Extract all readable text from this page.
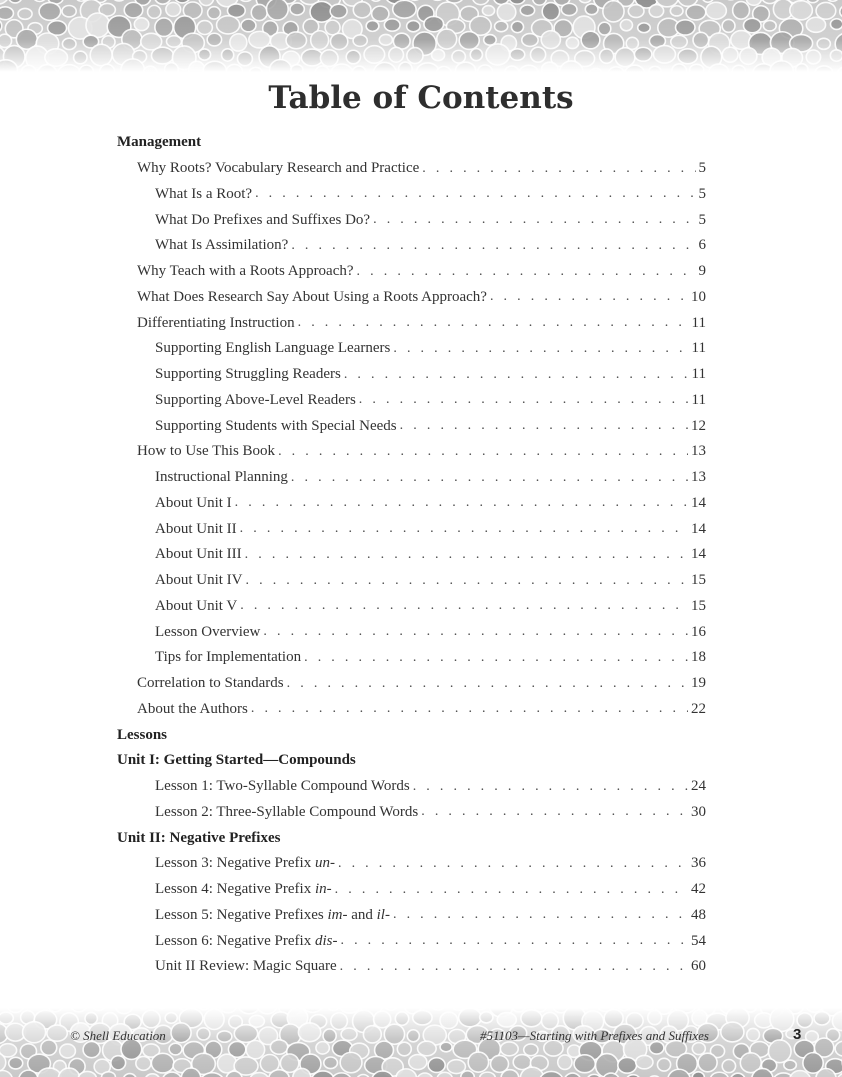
Table of Contents
Management
Why Roots? Vocabulary Research and Practice . . .	5
What Is a Root? . . .	5
What Do Prefixes and Suffixes Do? . . .	5
What Is Assimilation? . . .	6
Why Teach with a Roots Approach? . . .	9
What Does Research Say About Using a Roots Approach? . . .	10
Differentiating Instruction . . .	11
Supporting English Language Learners . . .	11
Supporting Struggling Readers . . .	11
Supporting Above-Level Readers . . .	11
Supporting Students with Special Needs . . .	12
How to Use This Book . . .	13
Instructional Planning . . .	13
About Unit I . . .	14
About Unit II . . .	14
About Unit III . . .	14
About Unit IV . . .	15
About Unit V . . .	15
Lesson Overview . . .	16
Tips for Implementation . . .	18
Correlation to Standards . . .	19
About the Authors . . .	22
Lessons
Unit I: Getting Started—Compounds
Lesson 1: Two-Syllable Compound Words . . .	24
Lesson 2: Three-Syllable Compound Words . . .	30
Unit II: Negative Prefixes
Lesson 3: Negative Prefix un- . . .	36
Lesson 4: Negative Prefix in- . . .	42
Lesson 5: Negative Prefixes im- and il- . . .	48
Lesson 6: Negative Prefix dis- . . .	54
Unit II Review: Magic Square . . .	60
© Shell Education	#51103—Starting with Prefixes and Suffixes	3
